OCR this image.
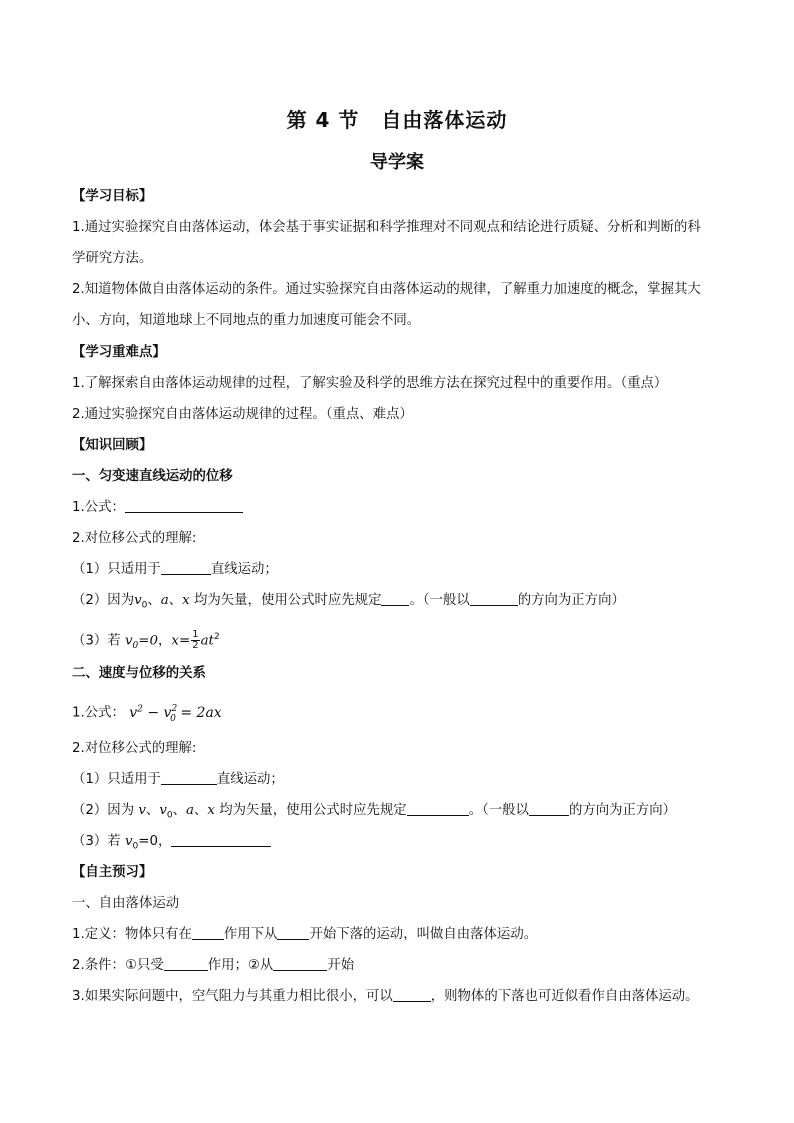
第 4 节 自由落体运动
导学案
【学习目标】
1.通过实验探究自由落体运动，体会基于事实证据和科学推理对不同观点和结论进行质疑、分析和判断的科
学研究方法。
2.知道物体做自由落体运动的条件。通过实验探究自由落体运动的规律，了解重力加速度的概念，掌握其大
小、方向，知道地球上不同地点的重力加速度可能会不同。
【学习重难点】
1.了解探索自由落体运动规律的过程，了解实验及科学的思维方法在探究过程中的重要作用。（重点）
2.通过实验探究自由落体运动规律的过程。（重点、难点）
【知识回顾】
一、匀变速直线运动的位移
1.公式：
2.对位移公式的理解:
（1）只适用于	直线运动；
（2）因为$v_0$、a、x 均为矢量，使用公式时应先规定 。（一般以	的方向为正方向）
（3）若 $v_0=0$，$x= \frac{1}{2} at^2$
二、速度与位移的关系
1.公式： $v^2 - v^2_0 = 2ax$
2.对位移公式的理解:
（1）只适用于	直线运动；
（2）因为 v、$v_0$、a、x 均为矢量，使用公式时应先规定	。（一般以	的方向为正方向）
（3）若 $v_0=0$，
【自主预习】
一、自由落体运动
1.定义：物体只有在 作用下从 开始下落的运动，叫做自由落体运动。
2.条件：①只受	作用；②从	开始
3.如果实际问题中，空气阻力与其重力相比很小，可以	，则物体的下落也可近似看作自由落体运动。
